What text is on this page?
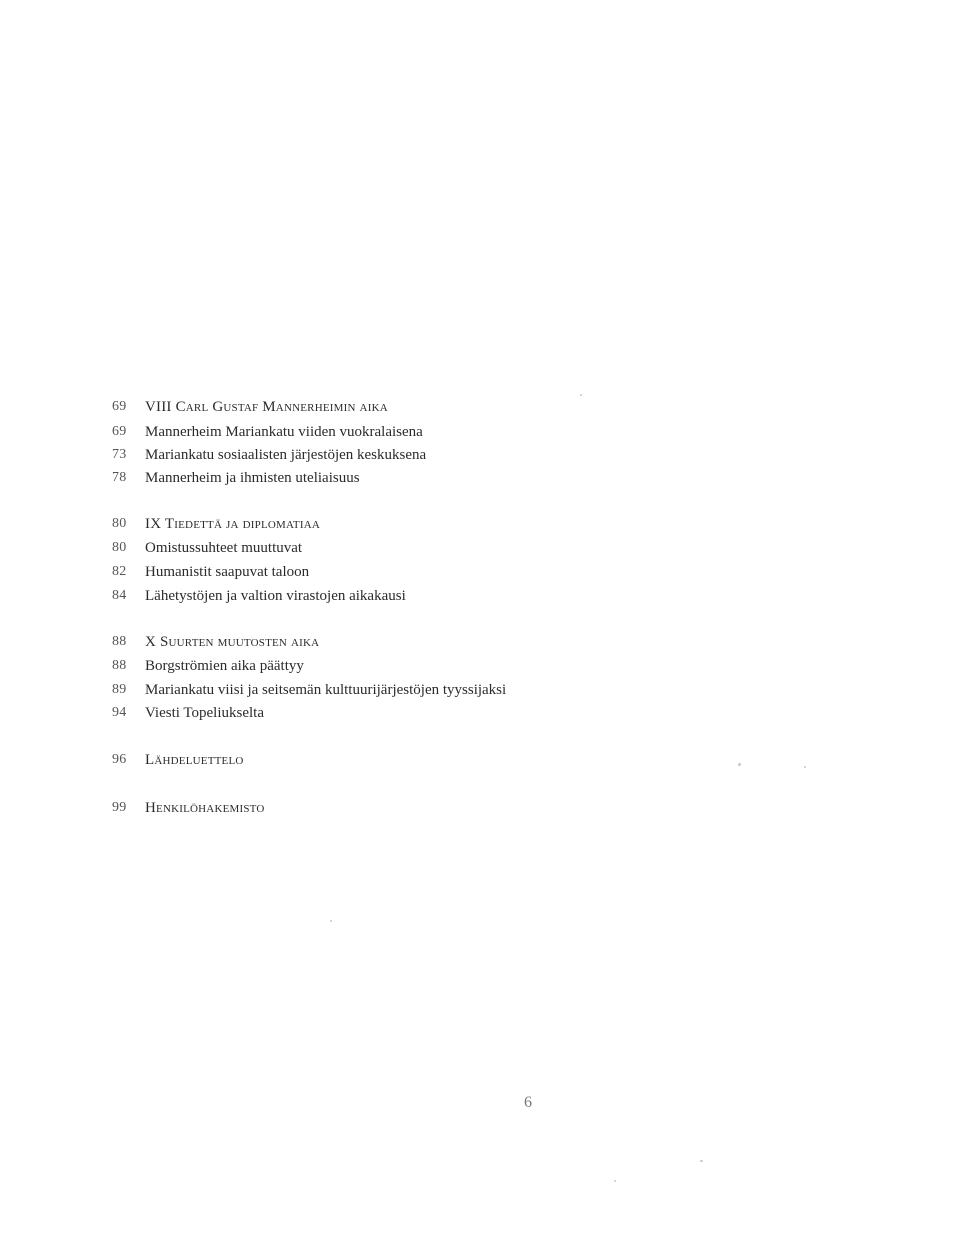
69	VIII Carl Gustaf Mannerheimin aika
69	Mannerheim Mariankatu viiden vuokralaisena
73	Mariankatu sosiaalisten järjestöjen keskuksena
78	Mannerheim ja ihmisten uteliaisuus
80	IX Tiedettä ja diplomatiaa
80	Omistussuhteet muuttuvat
82	Humanistit saapuvat taloon
84	Lähetystöjen ja valtion virastojen aikakausi
88	X Suurten muutosten aika
88	Borgströmien aika päättyy
89	Mariankatu viisi ja seitsemän kulttuurijärjestöjen tyyssijaksi
94	Viesti Topeliukselta
96	Lähdeluettelo
99	Henkilöhakemisto
6
